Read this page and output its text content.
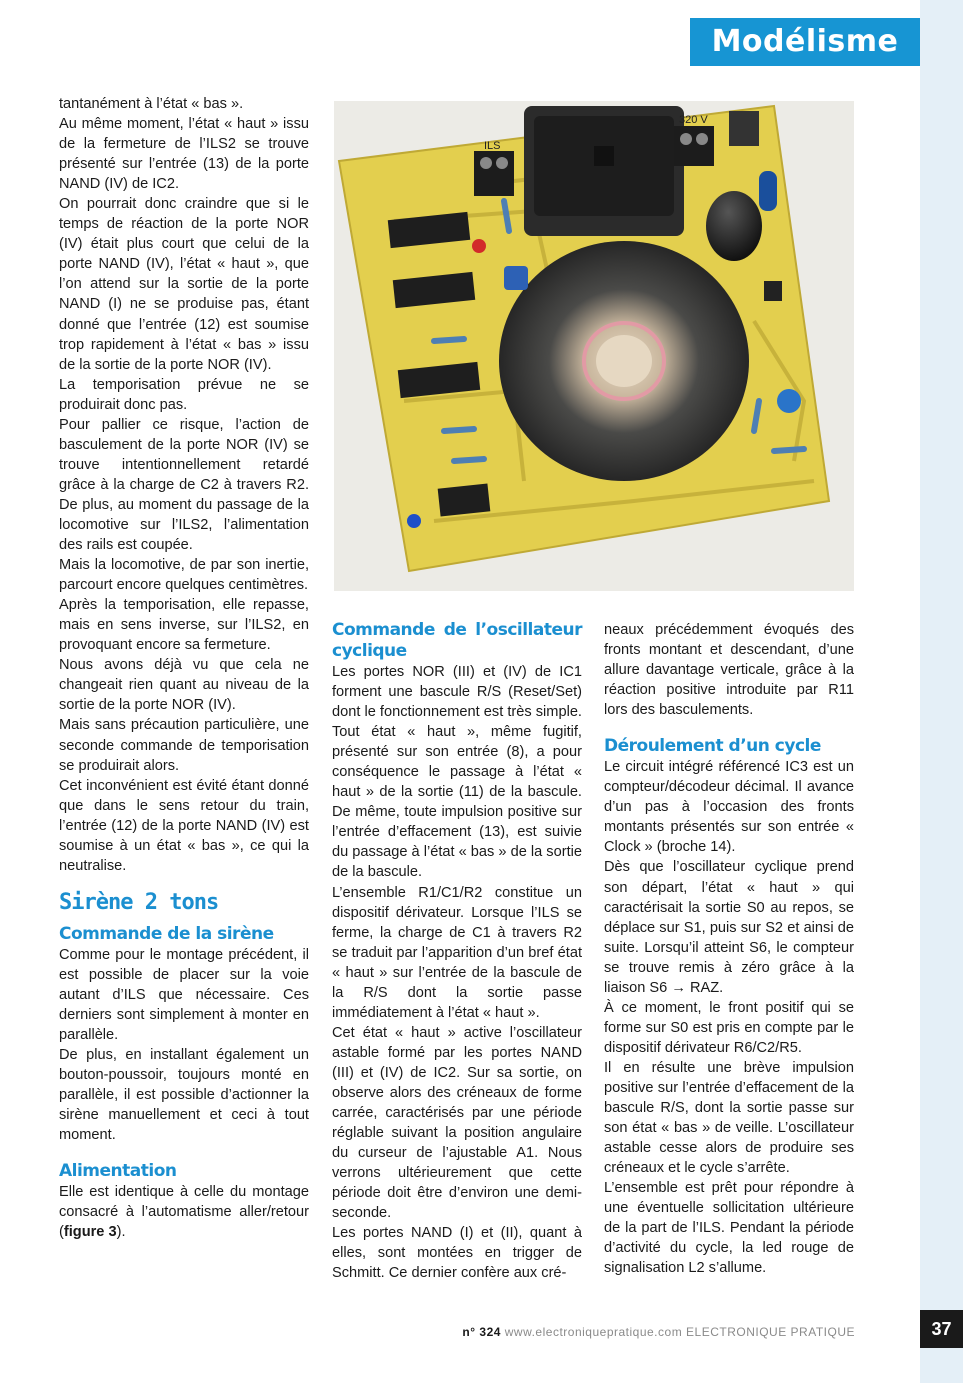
Modélisme

tantanément à l’état « bas ».

Au même moment, l’état « haut » issu de la fermeture de l’ILS2 se trouve présenté sur l’entrée (13) de la porte NAND (IV) de IC2.

On pourrait donc craindre que si le temps de réaction de la porte NOR (IV) était plus court que celui de la porte NAND (IV), l’état « haut », que l’on attend sur la sortie de la porte NAND (I) ne se produise pas, étant donné que l’entrée (12) est soumise trop rapidement à l’état « bas » issu de la sortie de la porte NOR (IV).

La temporisation prévue ne se produirait donc pas.

Pour pallier ce risque, l’action de basculement de la porte NOR (IV) se trouve intentionnellement retardé grâce à la charge de C2 à travers R2. De plus, au moment du passage de la locomotive sur l’ILS2, l’alimentation des rails est coupée.

Mais la locomotive, de par son inertie, parcourt encore quelques centimètres.

Après la temporisation, elle repasse, mais en sens inverse, sur l’ILS2, en provoquant encore sa fermeture.

Nous avons déjà vu que cela ne changeait rien quant au niveau de la sortie de la porte NOR (IV).

Mais sans précaution particulière, une seconde commande de temporisation se produirait alors.

Cet inconvénient est évité étant donné que dans le sens retour du train, l’entrée (12) de la porte NAND (IV) est soumise à un état « bas », ce qui la neutralise.

Sirène 2 tons
Commande de la sirène

Comme pour le montage précédent, il est possible de placer sur la voie autant d’ILS que nécessaire. Ces derniers sont simplement à monter en parallèle.

De plus, en installant également un bouton-poussoir, toujours monté en parallèle, il est possible d’actionner la sirène manuellement et ceci à tout moment.

Alimentation

Elle est identique à celle du montage consacré à l’automatisme aller/retour (figure 3).

ILS
320 V
Commande de l’oscillateur cyclique

Les portes NOR (III) et (IV) de IC1 forment une bascule R/S (Reset/Set) dont le fonctionnement est très simple. Tout état « haut », même fugitif, présenté sur son entrée (8), a pour conséquence le passage à l’état « haut » de la sortie (11) de la bascule. De même, toute impulsion positive sur l’entrée d’effacement (13), est suivie du passage à l’état « bas » de la sortie de la bascule.

L’ensemble R1/C1/R2 constitue un dispositif dérivateur. Lorsque l’ILS se ferme, la charge de C1 à travers R2 se traduit par l’apparition d’un bref état « haut » sur l’entrée de la bascule de la R/S dont la sortie passe immédiatement à l’état « haut ».

Cet état « haut » active l’oscillateur astable formé par les portes NAND (III) et (IV) de IC2. Sur sa sortie, on observe alors des créneaux de forme carrée, caractérisés par une période réglable suivant la position angulaire du curseur de l’ajustable A1. Nous verrons ultérieurement que cette période doit être d’environ une demi-seconde.

Les portes NAND (I) et (II), quant à elles, sont montées en trigger de Schmitt. Ce dernier confère aux cré-

neaux précédemment évoqués des fronts montant et descendant, d’une allure davantage verticale, grâce à la réaction positive introduite par R11 lors des basculements.

Déroulement d’un cycle

Le circuit intégré référencé IC3 est un compteur/décodeur décimal. Il avance d’un pas à l’occasion des fronts montants présentés sur son entrée « Clock » (broche 14).

Dès que l’oscillateur cyclique prend son départ, l’état « haut » qui caractérisait la sortie S0 au repos, se déplace sur S1, puis sur S2 et ainsi de suite. Lorsqu’il atteint S6, le compteur se trouve remis à zéro grâce à la liaison S6 → RAZ.

À ce moment, le front positif qui se forme sur S0 est pris en compte par le dispositif dérivateur R6/C2/R5.

Il en résulte une brève impulsion positive sur l’entrée d’effacement de la bascule R/S, dont la sortie passe sur son état « bas » de veille. L’oscillateur astable cesse alors de produire ses créneaux et le cycle s’arrête.

L’ensemble est prêt pour répondre à une éventuelle sollicitation ultérieure de la part de l’ILS. Pendant la période d’activité du cycle, la led rouge de signalisation L2 s’allume.

n° 324 www.electroniquepratique.com ELECTRONIQUE PRATIQUE	37
